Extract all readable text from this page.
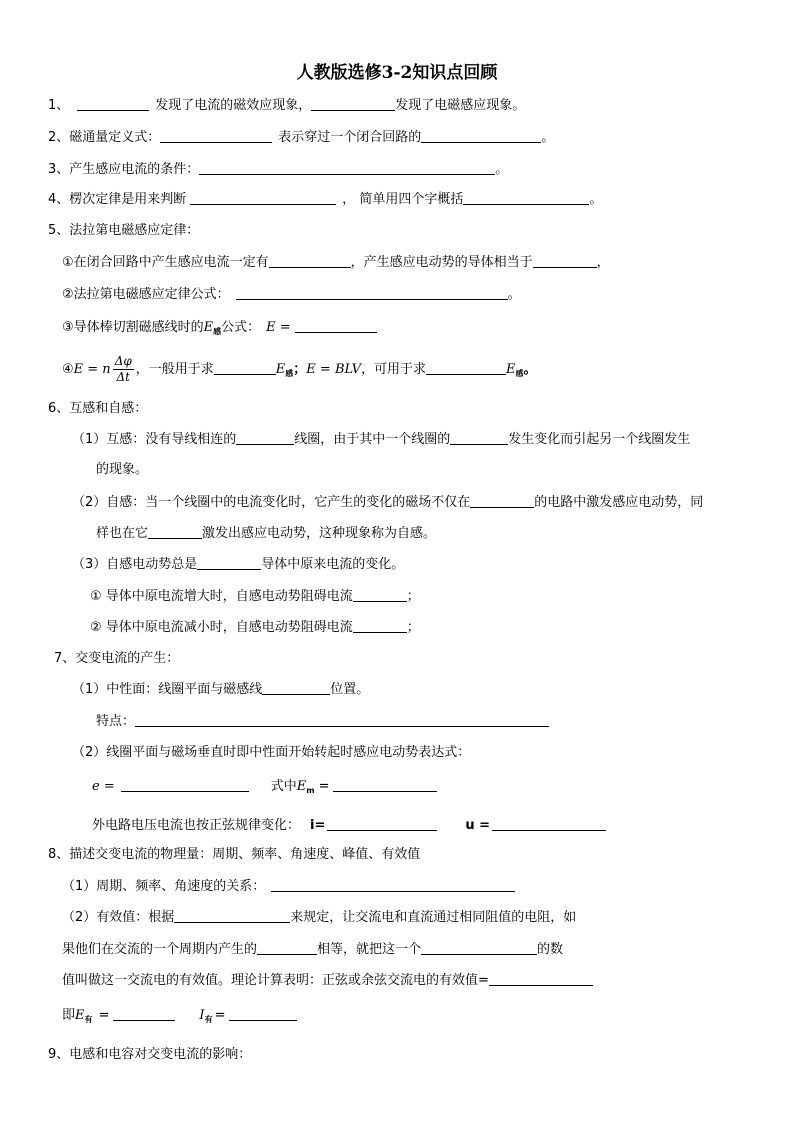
人教版选修3-2知识点回顾
1、	发现了电流的磁效应现象，	发现了电磁感应现象。
2、磁通量定义式：	表示穿过一个闭合回路的	。
3、产生感应电流的条件：	。
4、楞次定律是用来判断	， 简单用四个字概括	。
5、法拉第电磁感应定律：
①在闭合回路中产生感应电流一定有	，产生感应电动势的导体相当于	，
②法拉第电磁感应定律公式：	。
③导体棒切割磁感线时的$E_感$公式： E =
④E = n $\frac{\Delta\varphi}{\Delta t}$ ，一般用于求	$E_感$；E = BLV，可用于求	$E_感$。
6、互感和自感：
（1）互感：没有导线相连的	线圈，由于其中一个线圈的	发生变化而引起另一个线圈发生
的现象。
（2）自感：当一个线圈中的电流变化时，它产生的变化的磁场不仅在	的电路中激发感应电动势，同
样也在它	激发出感应电动势，这种现象称为自感。
（3）自感电动势总是	导体中原来电流的变化。
① 导体中原电流增大时，自感电动势阻碍电流	；
② 导体中原电流减小时，自感电动势阻碍电流	；
7、交变电流的产生：
（1）中性面：线圈平面与磁感线	位置。
特点：
（2）线圈平面与磁场垂直时即中性面开始转起时感应电动势表达式：
e =	式中$E_m$ =
外电路电压电流也按正弦规律变化： i=	u =
8、描述交变电流的物理量：周期、频率、角速度、峰值、有效值
（1）周期、频率、角速度的关系：
（2）有效值：根据	来规定，让交流电和直流通过相同阻值的电阻，如
果他们在交流的一个周期内产生的	相等，就把这一个	的数
值叫做这一交流电的有效值。理论计算表明：正弦或余弦交流电的有效值=
即$E_有$ =	$I_有$ =
9、电感和电容对交变电流的影响：
